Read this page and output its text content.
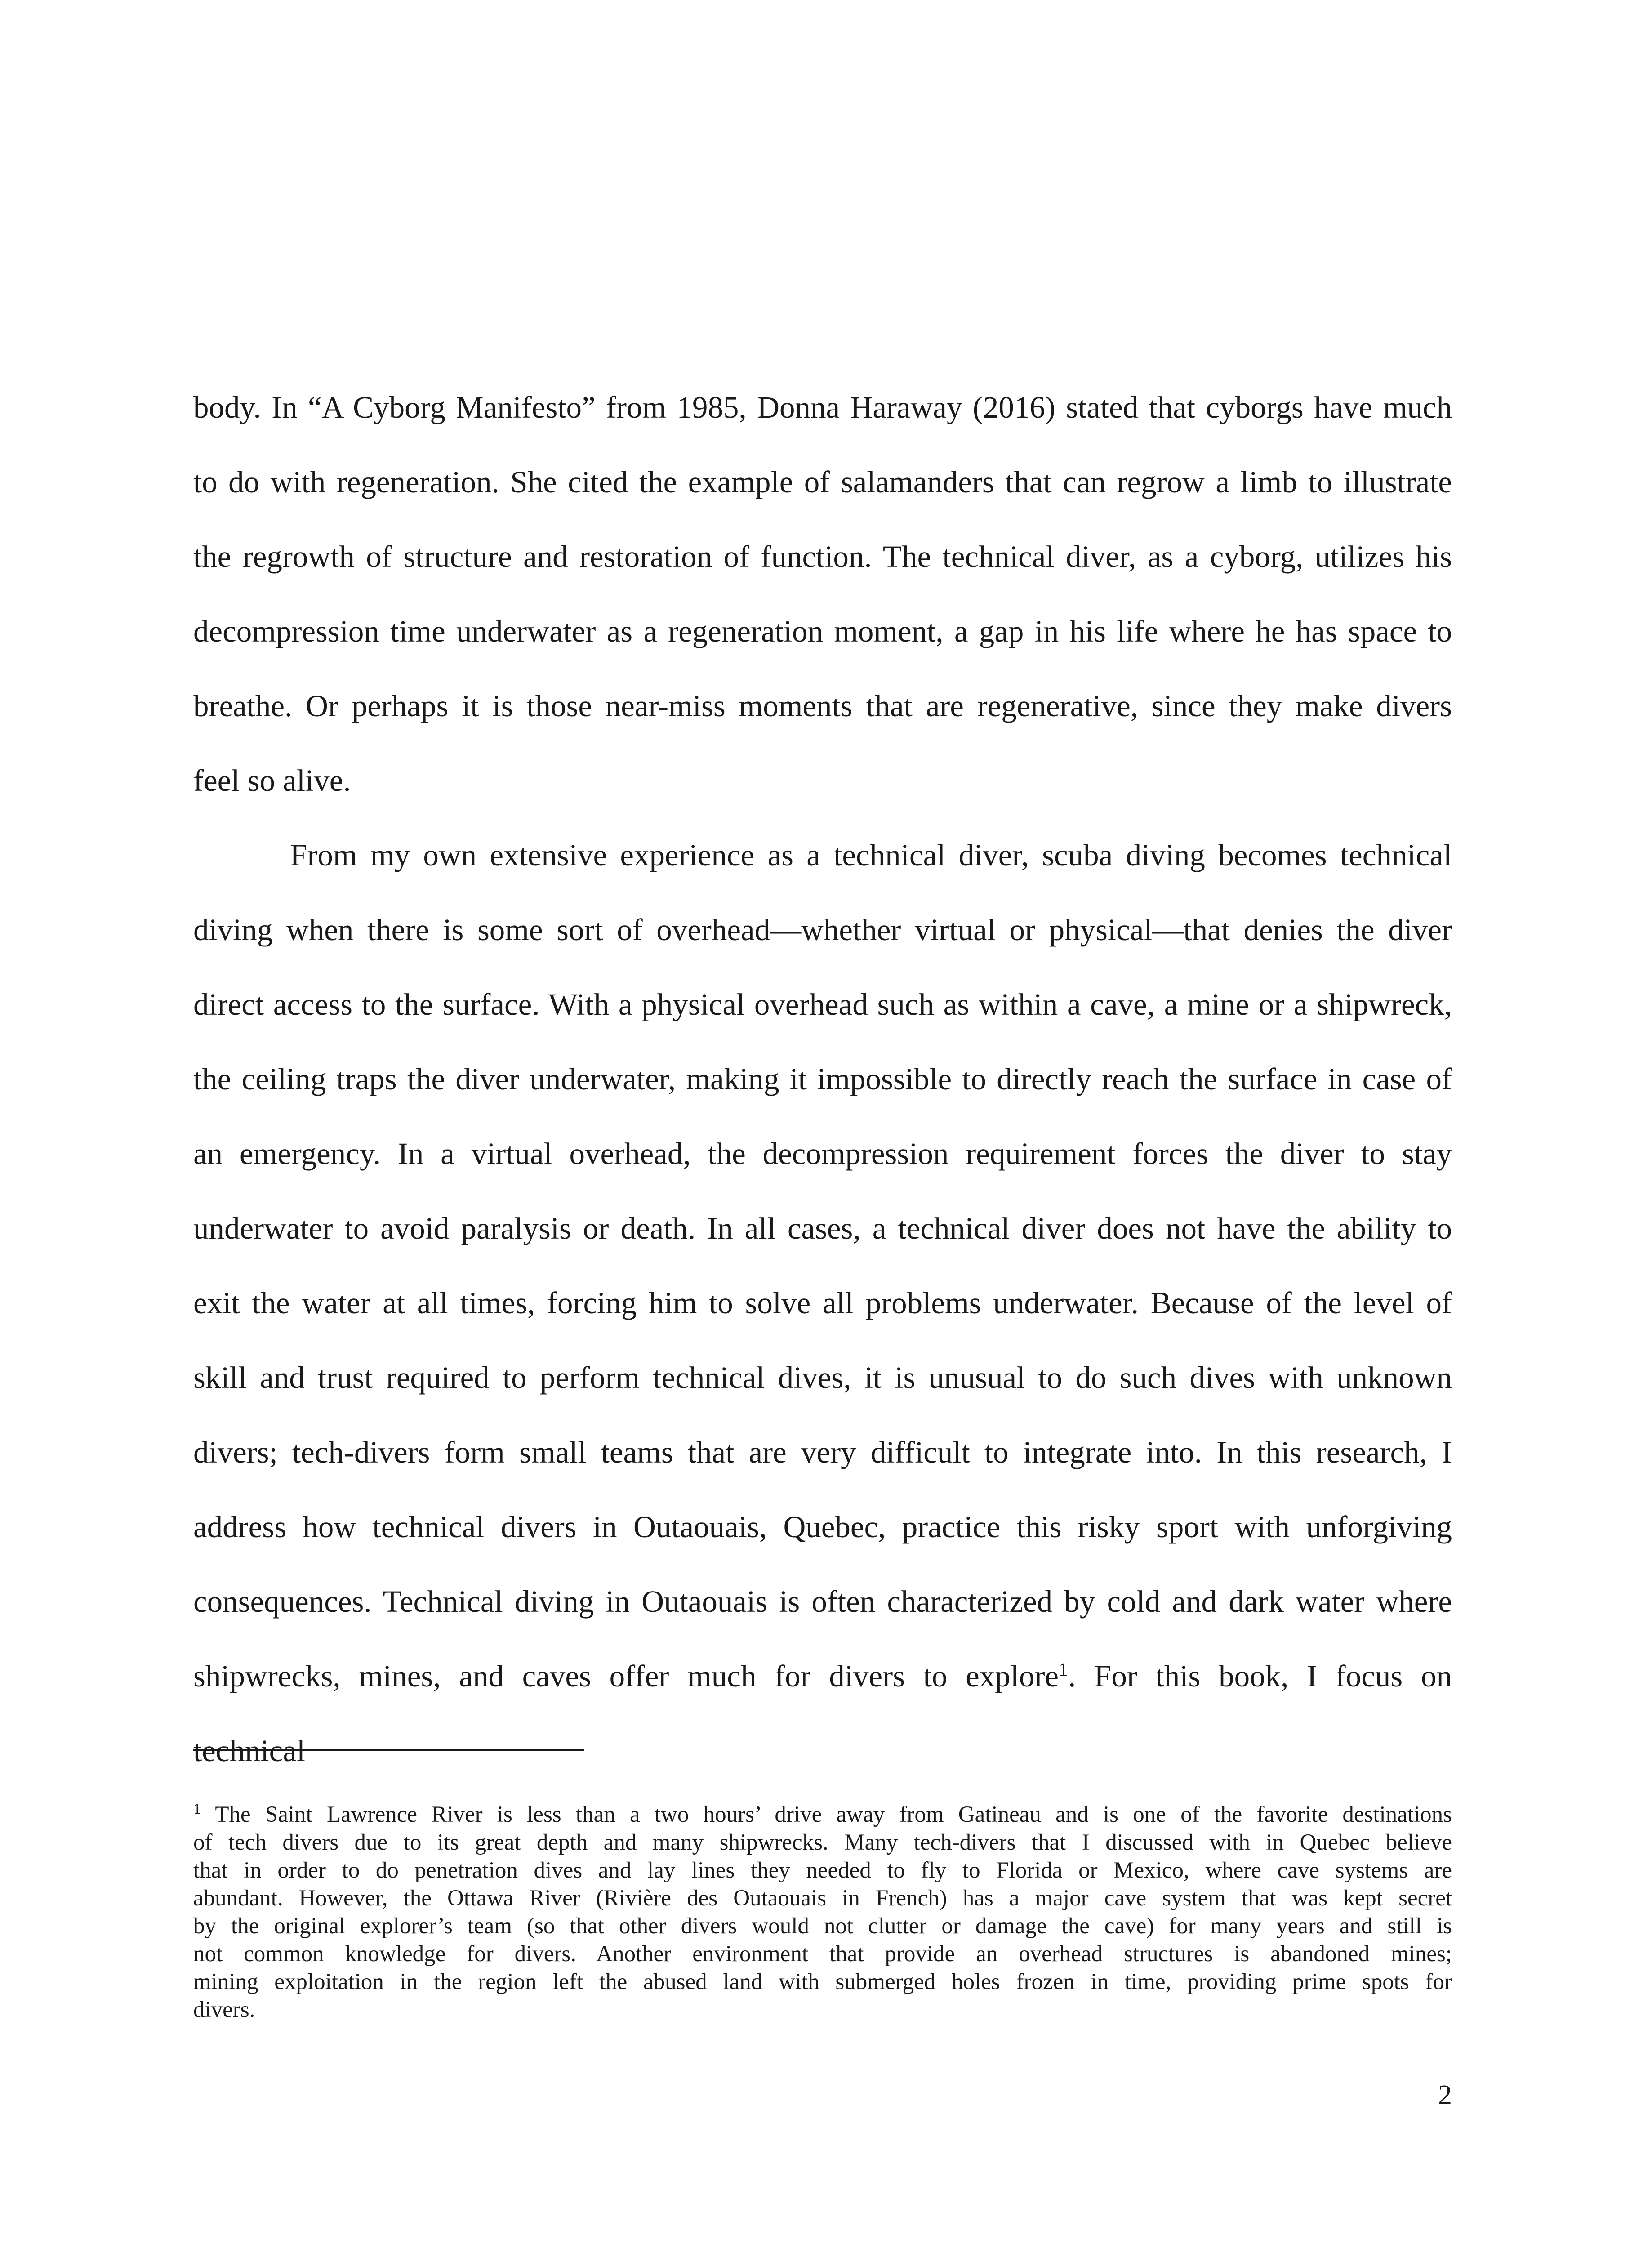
body. In “A Cyborg Manifesto” from 1985, Donna Haraway (2016) stated that cyborgs have much
to do with regeneration. She cited the example of salamanders that can regrow a limb to illustrate
the regrowth of structure and restoration of function. The technical diver, as a cyborg, utilizes his
decompression time underwater as a regeneration moment, a gap in his life where he has space to
breathe. Or perhaps it is those near-miss moments that are regenerative, since they make divers
feel so alive.
From my own extensive experience as a technical diver, scuba diving becomes technical
diving when there is some sort of overhead—whether virtual or physical—that denies the diver
direct access to the surface. With a physical overhead such as within a cave, a mine or a shipwreck,
the ceiling traps the diver underwater, making it impossible to directly reach the surface in case of
an emergency. In a virtual overhead, the decompression requirement forces the diver to stay
underwater to avoid paralysis or death. In all cases, a technical diver does not have the ability to
exit the water at all times, forcing him to solve all problems underwater. Because of the level of
skill and trust required to perform technical dives, it is unusual to do such dives with unknown
divers; tech-divers form small teams that are very difficult to integrate into. In this research, I
address how technical divers in Outaouais, Quebec, practice this risky sport with unforgiving
consequences. Technical diving in Outaouais is often characterized by cold and dark water where
shipwrecks, mines, and caves offer much for divers to explore$^1$. For this book, I focus on
technical
$^1$ The Saint Lawrence River is less than a two hours’ drive away from Gatineau and is one of the favorite destinations
of tech divers due to its great depth and many shipwrecks. Many tech-divers that I discussed with in Quebec believe
that in order to do penetration dives and lay lines they needed to fly to Florida or Mexico, where cave systems are
abundant. However, the Ottawa River (Rivière des Outaouais in French) has a major cave system that was kept secret
by the original explorer’s team (so that other divers would not clutter or damage the cave) for many years and still is
not common knowledge for divers. Another environment that provide an overhead structures is abandoned mines;
mining exploitation in the region left the abused land with submerged holes frozen in time, providing prime spots for
divers.
2
